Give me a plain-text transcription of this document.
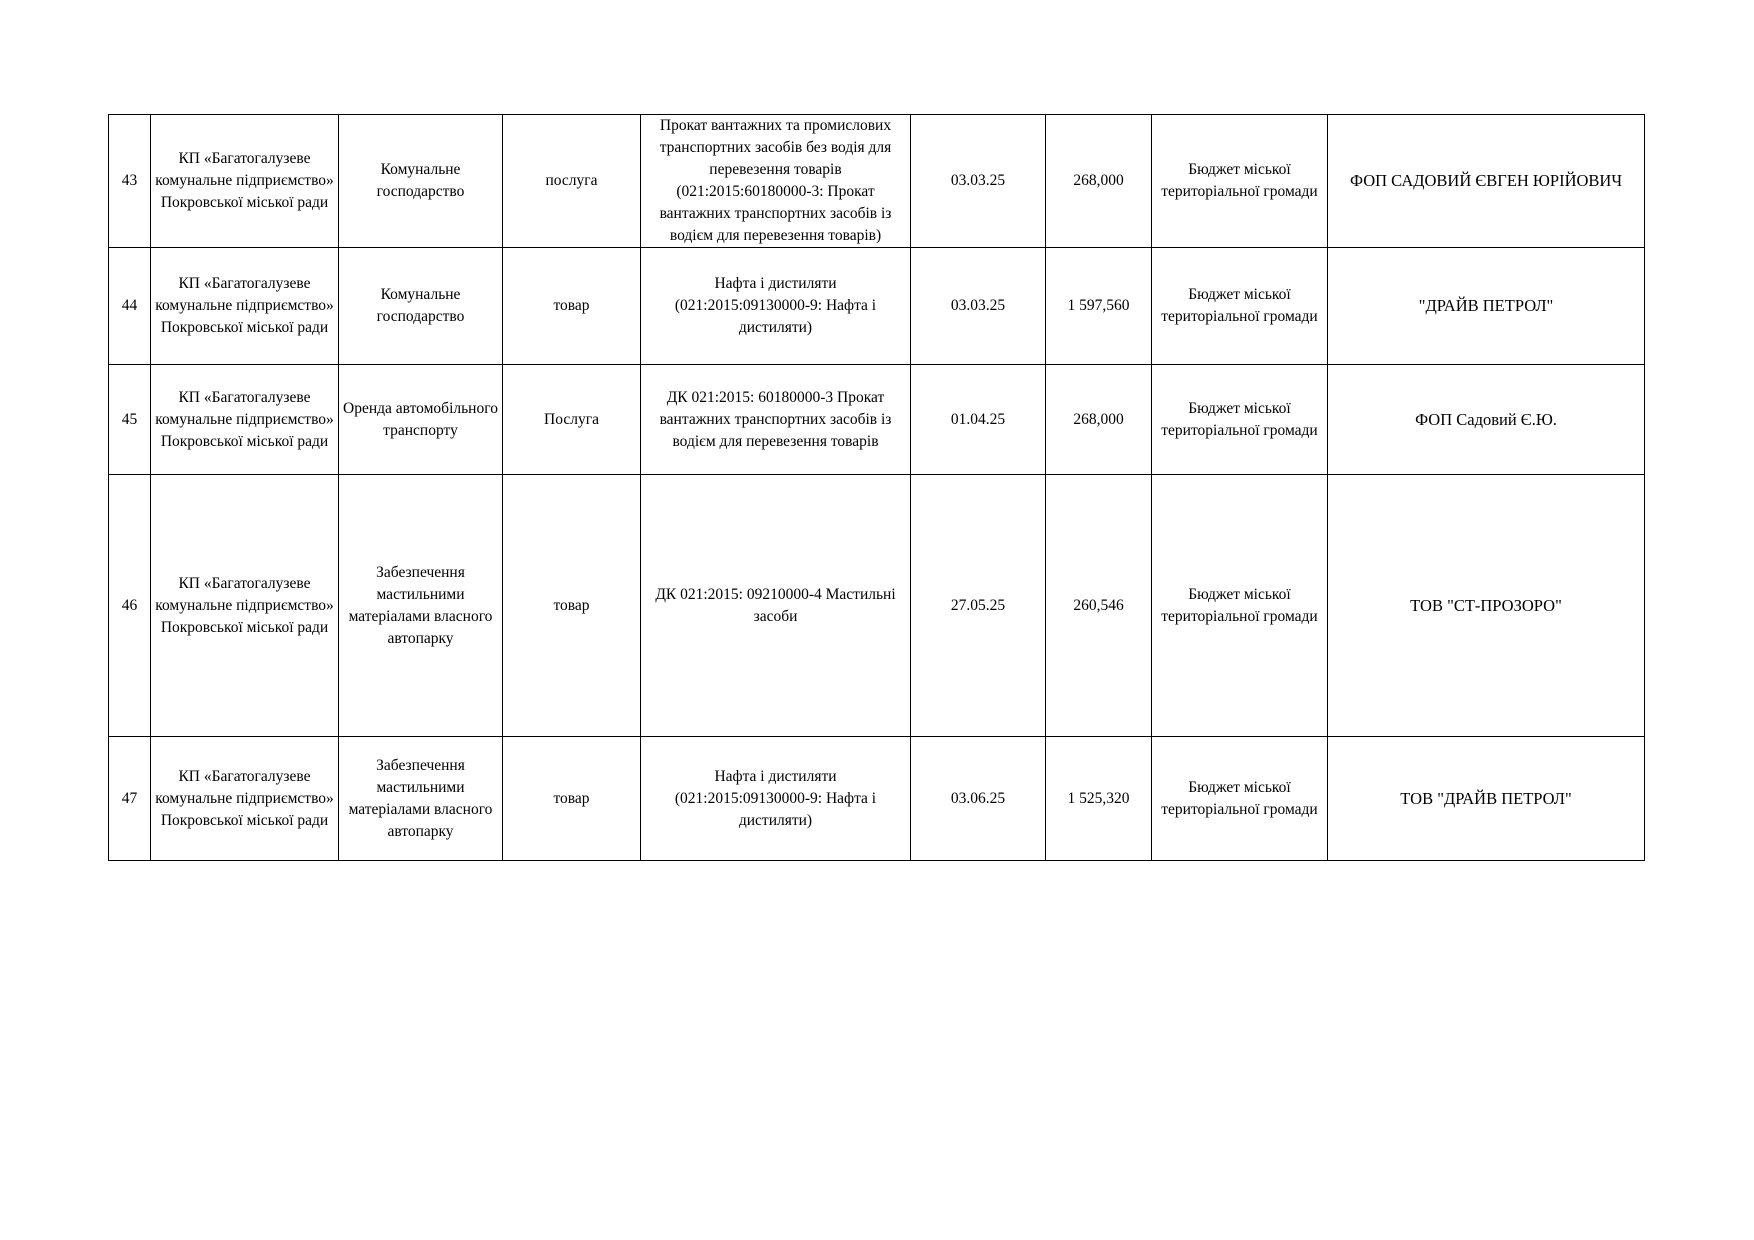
43	КП «Багатогалузеве комунальне підприємство» Покровської міської ради	Комунальне господарство	послуга	Прокат вантажних та промислових транспортних засобів без водія для перевезення товарів (021:2015:60180000-3: Прокат вантажних транспортних засобів із водієм для перевезення товарів)	03.03.25	268,000	Бюджет міської територіальної громади	ФОП САДОВИЙ ЄВГЕН ЮРІЙОВИЧ
44	КП «Багатогалузеве комунальне підприємство» Покровської міської ради	Комунальне господарство	товар	Нафта і дистиляти (021:2015:09130000-9: Нафта і дистиляти)	03.03.25	1 597,560	Бюджет міської територіальної громади	"ДРАЙВ ПЕТРОЛ"
45	КП «Багатогалузеве комунальне підприємство» Покровської міської ради	Оренда автомобільного транспорту	Послуга	ДК 021:2015: 60180000-3 Прокат вантажних транспортних засобів із водієм для перевезення товарів	01.04.25	268,000	Бюджет міської територіальної громади	ФОП Садовий Є.Ю.
46	КП «Багатогалузеве комунальне підприємство» Покровської міської ради	Забезпечення мастильними матеріалами власного автопарку	товар	ДК 021:2015: 09210000-4 Мастильні засоби	27.05.25	260,546	Бюджет міської територіальної громади	ТОВ "СТ-ПРОЗОРО"
47	КП «Багатогалузеве комунальне підприємство» Покровської міської ради	Забезпечення мастильними матеріалами власного автопарку	товар	Нафта і дистиляти (021:2015:09130000-9: Нафта і дистиляти)	03.06.25	1 525,320	Бюджет міської територіальної громади	ТОВ "ДРАЙВ ПЕТРОЛ"
